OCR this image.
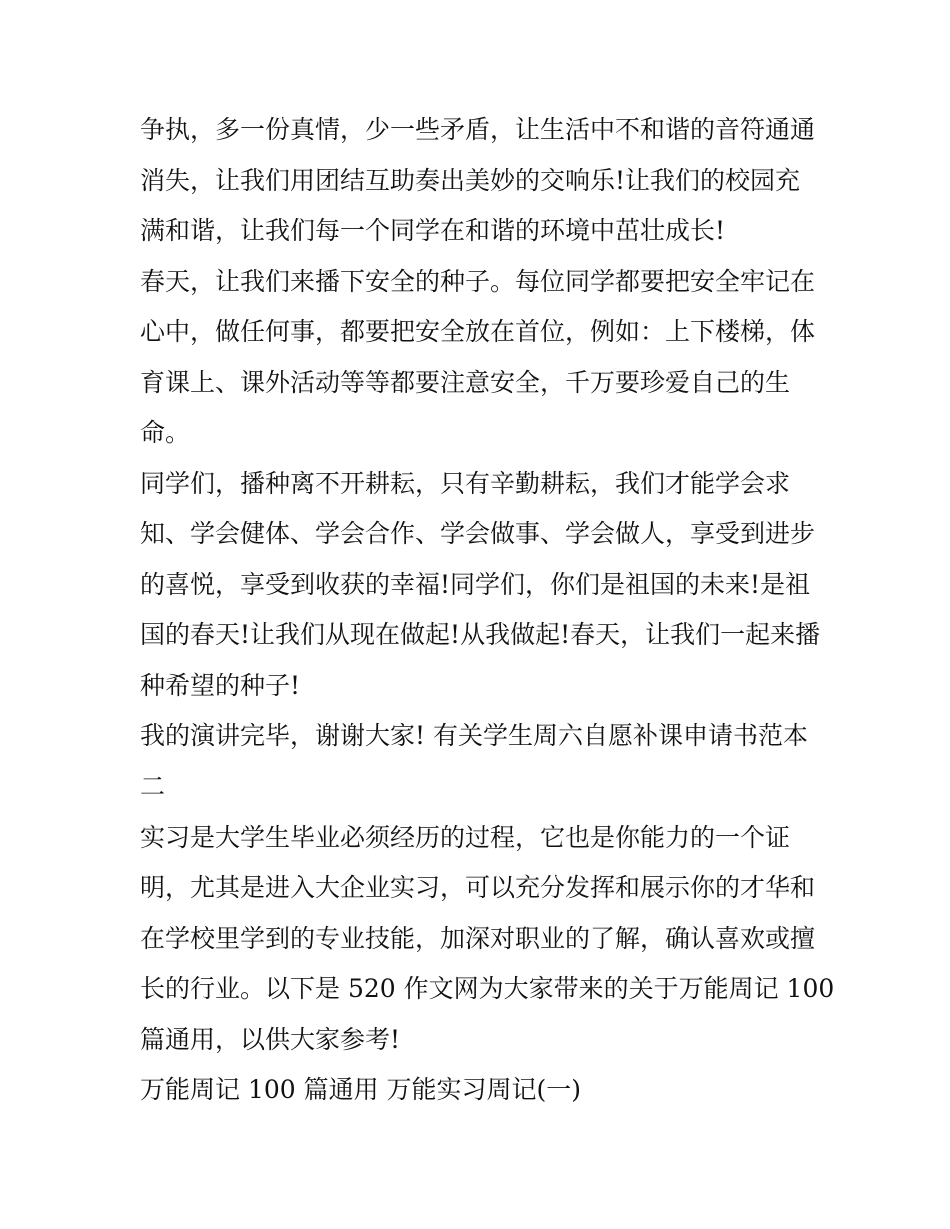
争执，多一份真情，少一些矛盾，让生活中不和谐的音符通通
消失，让我们用团结互助奏出美妙的交响乐!让我们的校园充
满和谐，让我们每一个同学在和谐的环境中茁壮成长!
春天，让我们来播下安全的种子。每位同学都要把安全牢记在
心中，做任何事，都要把安全放在首位，例如：上下楼梯，体
育课上、课外活动等等都要注意安全，千万要珍爱自己的生
命。
同学们，播种离不开耕耘，只有辛勤耕耘，我们才能学会求
知、学会健体、学会合作、学会做事、学会做人，享受到进步
的喜悦，享受到收获的幸福!同学们，你们是祖国的未来!是祖
国的春天!让我们从现在做起!从我做起!春天，让我们一起来播
种希望的种子!
我的演讲完毕，谢谢大家! 有关学生周六自愿补课申请书范本
二
实习是大学生毕业必须经历的过程，它也是你能力的一个证
明，尤其是进入大企业实习，可以充分发挥和展示你的才华和
在学校里学到的专业技能，加深对职业的了解，确认喜欢或擅
长的行业。以下是 520 作文网为大家带来的关于万能周记 100
篇通用，以供大家参考!
万能周记 100 篇通用 万能实习周记(一)
